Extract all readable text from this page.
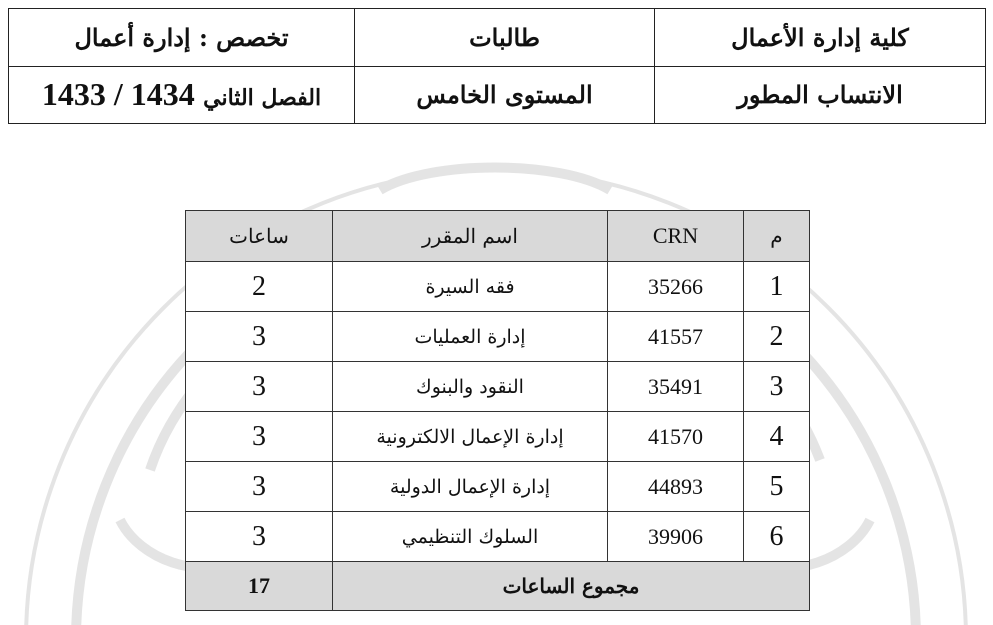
تخصص : إدارة أعمال	طالبات	كلية إدارة الأعمال
الفصل الثاني 1433 / 1434	المستوى الخامس	الانتساب المطور
ساعات	اسم المقرر	CRN	م
2	فقه السيرة	35266	1
3	إدارة العمليات	41557	2
3	النقود والبنوك	35491	3
3	إدارة الإعمال الالكترونية	41570	4
3	إدارة الإعمال الدولية	44893	5
3	السلوك التنظيمي	39906	6
17	مجموع الساعات		
